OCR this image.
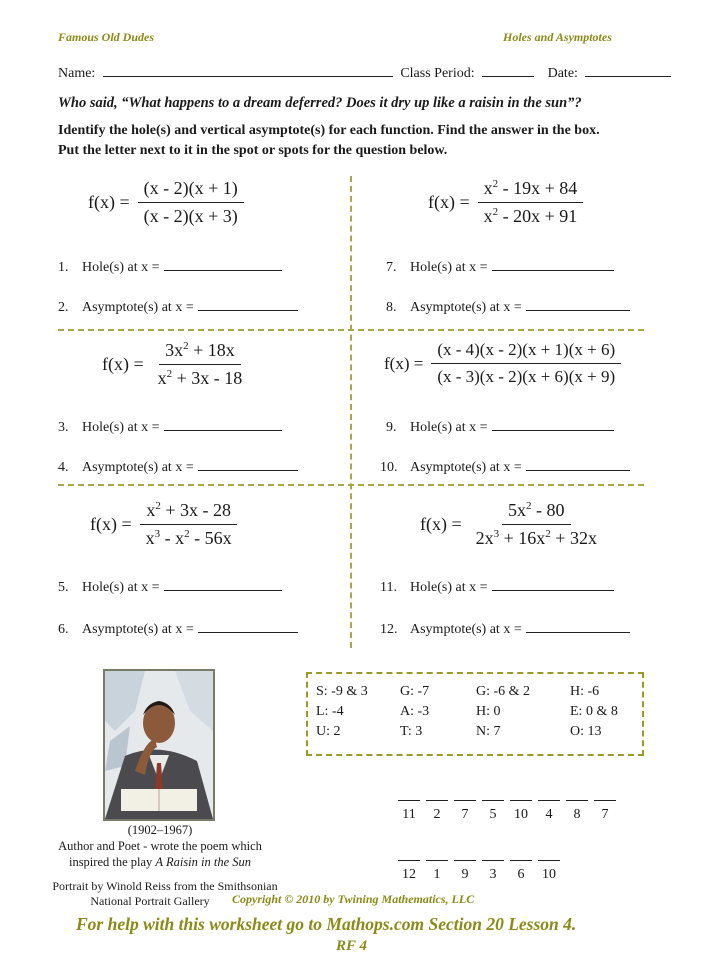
Famous Old Dudes	Holes and Asymptotes
Name:	Class Period:	Date:
Who said, “What happens to a dream deferred? Does it dry up like a raisin in the sun”?
Identify the hole(s) and vertical asymptote(s) for each function. Find the answer in the box.
Put the letter next to it in the spot or spots for the question below.
$f(x) = \frac{(x - 2)(x + 1)}{(x - 2)(x + 3)}$	$f(x) = \frac{x^2 - 19x + 84}{x^2 - 20x + 91}$
$f(x) = \frac{3x^2 + 18x}{x^2 + 3x - 18}$	$f(x) = \frac{(x - 4)(x - 2)(x + 1)(x + 6)}{(x - 3)(x - 2)(x + 6)(x + 9)}$
$f(x) = \frac{x^2 + 3x - 28}{x^3 - x^2 - 56x}$	$f(x) = \frac{5x^2 - 80}{2x^3 + 16x^2 + 32x}$
1. Hole(s) at x =
2. Asymptote(s) at x =
3. Hole(s) at x =
4. Asymptote(s) at x =
5. Hole(s) at x =
6. Asymptote(s) at x =
7. Hole(s) at x =
8. Asymptote(s) at x =
9. Hole(s) at x =
10. Asymptote(s) at x =
11. Hole(s) at x =
12. Asymptote(s) at x =
(1902–1967)
Author and Poet - wrote the poem which
inspired the play A Raisin in the Sun
Portrait by Winold Reiss from the Smithsonian
National Portrait Gallery	Copyright © 2010 by Twining Mathematics, LLC
S: -9 & 3	G: -7	G: -6 & 2	H: -6
L: -4	A: -3	H: 0	E: 0 & 8
U: 2	T: 3	N: 7	O: 13
11	2	7	5	10	4	8	7
12	1	9	3	6	10
For help with this worksheet go to Mathops.com Section 20 Lesson 4.
RF 4
